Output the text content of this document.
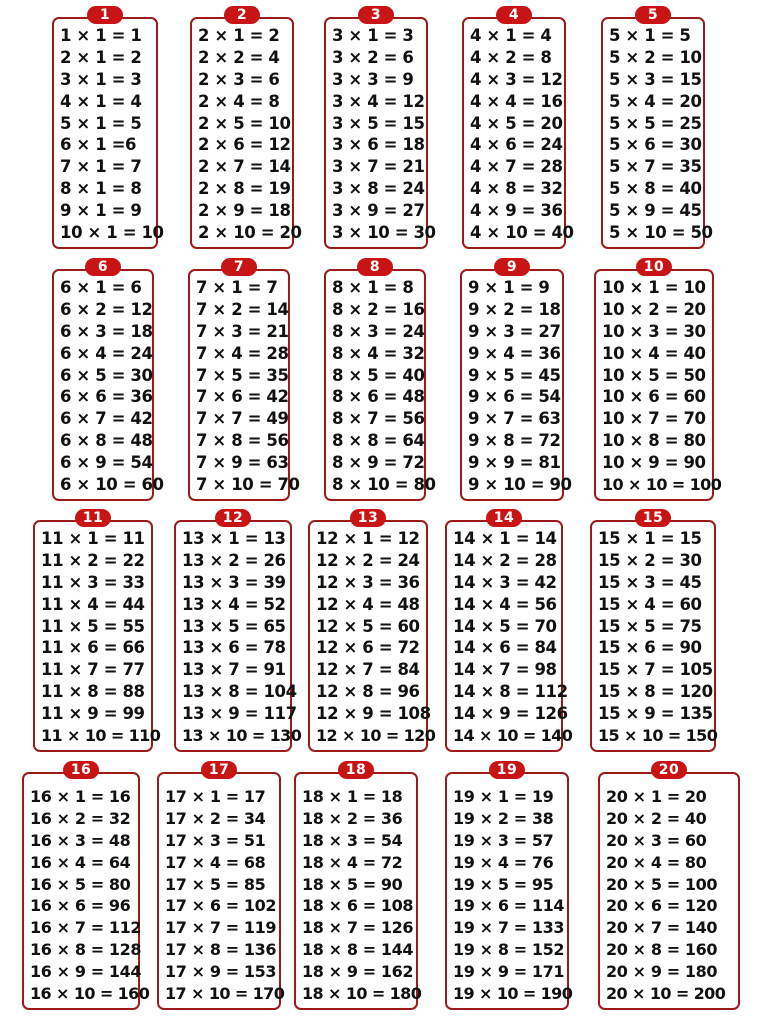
1 × 1 = 1
2 × 1 = 2
3 × 1 = 3
4 × 1 = 4
5 × 1 = 5
6 × 1 =6
7 × 1 = 7
8 × 1 = 8
9 × 1 = 9
10 × 1 = 10
1
2 × 1 = 2
2 × 2 = 4
2 × 3 = 6
2 × 4 = 8
2 × 5 = 10
2 × 6 = 12
2 × 7 = 14
2 × 8 = 19
2 × 9 = 18
2 × 10 = 20
2
3 × 1 = 3
3 × 2 = 6
3 × 3 = 9
3 × 4 = 12
3 × 5 = 15
3 × 6 = 18
3 × 7 = 21
3 × 8 = 24
3 × 9 = 27
3 × 10 = 30
3
4 × 1 = 4
4 × 2 = 8
4 × 3 = 12
4 × 4 = 16
4 × 5 = 20
4 × 6 = 24
4 × 7 = 28
4 × 8 = 32
4 × 9 = 36
4 × 10 = 40
4
5 × 1 = 5
5 × 2 = 10
5 × 3 = 15
5 × 4 = 20
5 × 5 = 25
5 × 6 = 30
5 × 7 = 35
5 × 8 = 40
5 × 9 = 45
5 × 10 = 50
5
6 × 1 = 6
6 × 2 = 12
6 × 3 = 18
6 × 4 = 24
6 × 5 = 30
6 × 6 = 36
6 × 7 = 42
6 × 8 = 48
6 × 9 = 54
6 × 10 = 60
6
7 × 1 = 7
7 × 2 = 14
7 × 3 = 21
7 × 4 = 28
7 × 5 = 35
7 × 6 = 42
7 × 7 = 49
7 × 8 = 56
7 × 9 = 63
7 × 10 = 70
7
8 × 1 = 8
8 × 2 = 16
8 × 3 = 24
8 × 4 = 32
8 × 5 = 40
8 × 6 = 48
8 × 7 = 56
8 × 8 = 64
8 × 9 = 72
8 × 10 = 80
8
9 × 1 = 9
9 × 2 = 18
9 × 3 = 27
9 × 4 = 36
9 × 5 = 45
9 × 6 = 54
9 × 7 = 63
9 × 8 = 72
9 × 9 = 81
9 × 10 = 90
9
10 × 1 = 10
10 × 2 = 20
10 × 3 = 30
10 × 4 = 40
10 × 5 = 50
10 × 6 = 60
10 × 7 = 70
10 × 8 = 80
10 × 9 = 90
10 × 10 = 100
10
11 × 1 = 11
11 × 2 = 22
11 × 3 = 33
11 × 4 = 44
11 × 5 = 55
11 × 6 = 66
11 × 7 = 77
11 × 8 = 88
11 × 9 = 99
11 × 10 = 110
11
13 × 1 = 13
13 × 2 = 26
13 × 3 = 39
13 × 4 = 52
13 × 5 = 65
13 × 6 = 78
13 × 7 = 91
13 × 8 = 104
13 × 9 = 117
13 × 10 = 130
12
12 × 1 = 12
12 × 2 = 24
12 × 3 = 36
12 × 4 = 48
12 × 5 = 60
12 × 6 = 72
12 × 7 = 84
12 × 8 = 96
12 × 9 = 108
12 × 10 = 120
13
14 × 1 = 14
14 × 2 = 28
14 × 3 = 42
14 × 4 = 56
14 × 5 = 70
14 × 6 = 84
14 × 7 = 98
14 × 8 = 112
14 × 9 = 126
14 × 10 = 140
14
15 × 1 = 15
15 × 2 = 30
15 × 3 = 45
15 × 4 = 60
15 × 5 = 75
15 × 6 = 90
15 × 7 = 105
15 × 8 = 120
15 × 9 = 135
15 × 10 = 150
15
16 × 1 = 16
16 × 2 = 32
16 × 3 = 48
16 × 4 = 64
16 × 5 = 80
16 × 6 = 96
16 × 7 = 112
16 × 8 = 128
16 × 9 = 144
16 × 10 = 160
16
17 × 1 = 17
17 × 2 = 34
17 × 3 = 51
17 × 4 = 68
17 × 5 = 85
17 × 6 = 102
17 × 7 = 119
17 × 8 = 136
17 × 9 = 153
17 × 10 = 170
17
18 × 1 = 18
18 × 2 = 36
18 × 3 = 54
18 × 4 = 72
18 × 5 = 90
18 × 6 = 108
18 × 7 = 126
18 × 8 = 144
18 × 9 = 162
18 × 10 = 180
18
19 × 1 = 19
19 × 2 = 38
19 × 3 = 57
19 × 4 = 76
19 × 5 = 95
19 × 6 = 114
19 × 7 = 133
19 × 8 = 152
19 × 9 = 171
19 × 10 = 190
19
20 × 1 = 20
20 × 2 = 40
20 × 3 = 60
20 × 4 = 80
20 × 5 = 100
20 × 6 = 120
20 × 7 = 140
20 × 8 = 160
20 × 9 = 180
20 × 10 = 200
20
